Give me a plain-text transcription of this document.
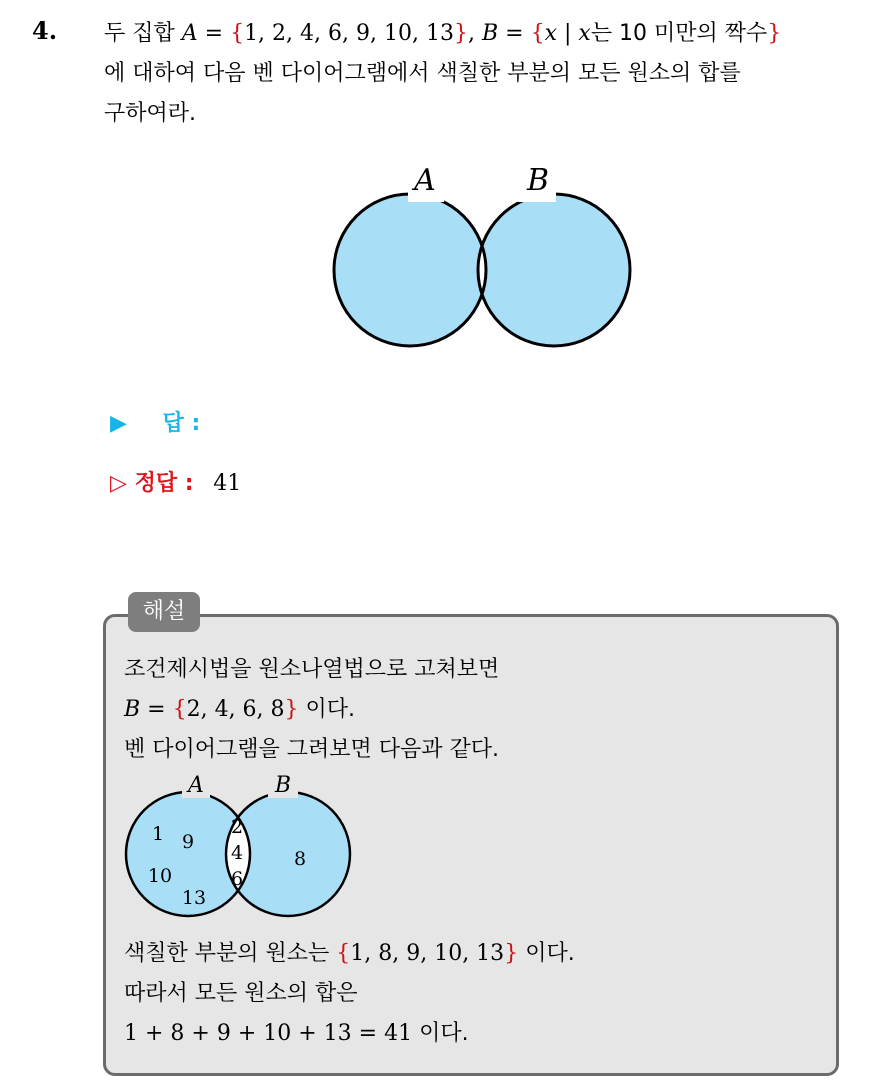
4. 두 집합 A = {1, 2, 4, 6, 9, 10, 13}, B = {x | x는 10 미만의 짝수}
에 대하여 다음 벤 다이어그램에서 색칠한 부분의 모든 원소의 합를
구하여라.
A	B
▶ 답 :
▷ 정답 : 41
해설
조건제시법을 원소나열법으로 고쳐보면
B = {2, 4, 6, 8} 이다.
벤 다이어그램을 그려보면 다음과 같다.
A	B
1 9
10
13
2
4
6
8
색칠한 부분의 원소는 {1, 8, 9, 10, 13} 이다.
따라서 모든 원소의 합은
1 + 8 + 9 + 10 + 13 = 41 이다.
